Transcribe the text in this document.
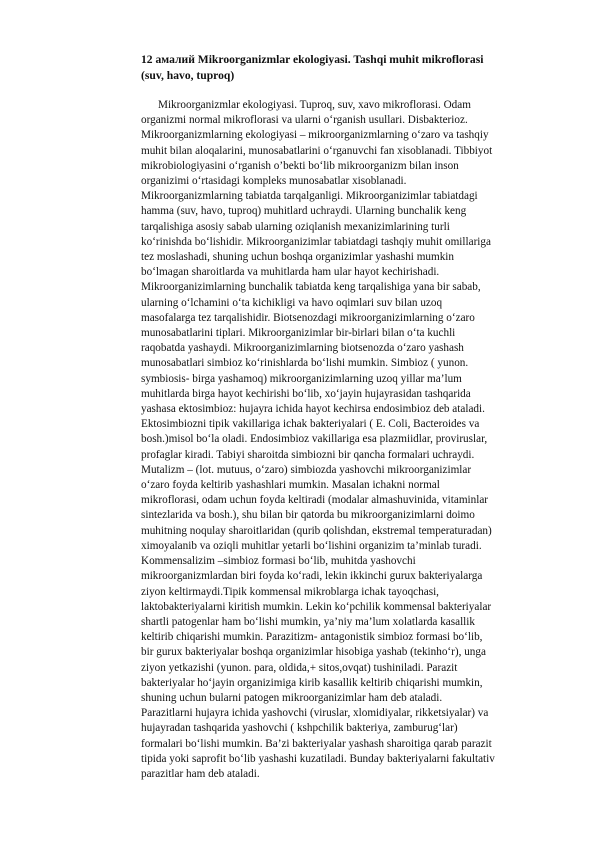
12 амалий Mikroorganizmlar ekologiyasi. Tashqi muhit mikroflorasi
(suv, havo, tuproq)
Mikroorganizmlar ekologiyasi. Tuproq, suv, xavo mikroflorasi. Odam
organizmi normal mikroflorasi va ularni o‘rganish usullari. Disbakterioz.
Mikroorganizmlarning ekologiyasi – mikroorganizmlarning o‘zaro va tashqiy
muhit bilan aloqalarini, munosabatlarini o‘rganuvchi fan xisoblanadi. Tibbiyot
mikrobiologiyasini o‘rganish o’bekti bo‘lib mikroorganizm bilan inson
organizimi o‘rtasidagi kompleks munosabatlar xisoblanadi.
Mikroorganizmlarning tabiatda tarqalganligi. Mikroorganizimlar tabiatdagi
hamma (suv, havo, tuproq) muhitlard uchraydi. Ularning bunchalik keng
tarqalishiga asosiy sabab ularning oziqlanish mexanizimlarining turli
ko‘rinishda bo‘lishidir. Mikroorganizimlar tabiatdagi tashqiy muhit omillariga
tez moslashadi, shuning uchun boshqa organizimlar yashashi mumkin
bo‘lmagan sharoitlarda va muhitlarda ham ular hayot kechirishadi.
Mikroorganizimlarning bunchalik tabiatda keng tarqalishiga yana bir sabab,
ularning o‘lchamini o‘ta kichikligi va havo oqimlari suv bilan uzoq
masofalarga tez tarqalishidir. Biotsenozdagi mikroorganizimlarning o‘zaro
munosabatlarini tiplari. Mikroorganizimlar bir-birlari bilan o‘ta kuchli
raqobatda yashaydi. Mikroorganizimlarning biotsenozda o‘zaro yashash
munosabatlari simbioz ko‘rinishlarda bo‘lishi mumkin. Simbioz ( yunon.
symbiosis- birga yashamoq) mikroorganizimlarning uzoq yillar ma’lum
muhitlarda birga hayot kechirishi bo‘lib, xo‘jayin hujayrasidan tashqarida
yashasa ektosimbioz: hujayra ichida hayot kechirsa endosimbioz deb ataladi.
Ektosimbiozni tipik vakillariga ichak bakteriyalari ( E. Coli, Bacteroides va
bosh.)misol bo‘la oladi. Endosimbioz vakillariga esa plazmiidlar, proviruslar,
profaglar kiradi. Tabiyi sharoitda simbiozni bir qancha formalari uchraydi.
Mutalizm – (lot. mutuus, o‘zaro) simbiozda yashovchi mikroorganizimlar
o‘zaro foyda keltirib yashashlari mumkin. Masalan ichakni normal
mikroflorasi, odam uchun foyda keltiradi (modalar almashuvinida, vitaminlar
sintezlarida va bosh.), shu bilan bir qatorda bu mikroorganizimlarni doimo
muhitning noqulay sharoitlaridan (qurib qolishdan, ekstremal temperaturadan)
ximoyalanib va oziqli muhitlar yetarli bo‘lishini organizim ta’minlab turadi.
Kommensalizim –simbioz formasi bo‘lib, muhitda yashovchi
mikroorganizmlardan biri foyda ko‘radi, lekin ikkinchi gurux bakteriyalarga
ziyon keltirmaydi.Tipik kommensal mikroblarga ichak tayoqchasi,
laktobakteriyalarni kiritish mumkin. Lekin ko‘pchilik kommensal bakteriyalar
shartli patogenlar ham bo‘lishi mumkin, ya’niy ma’lum xolatlarda kasallik
keltirib chiqarishi mumkin. Parazitizm- antagonistik simbioz formasi bo‘lib,
bir gurux bakteriyalar boshqa organizimlar hisobiga yashab (tekinho‘r), unga
ziyon yetkazishi (yunon. para, oldida,+ sitos,ovqat) tushiniladi. Parazit
bakteriyalar ho‘jayin organizimiga kirib kasallik keltirib chiqarishi mumkin,
shuning uchun bularni patogen mikroorganizimlar ham deb ataladi.
Parazitlarni hujayra ichida yashovchi (viruslar, xlomidiyalar, rikketsiyalar) va
hujayradan tashqarida yashovchi ( kshpchilik bakteriya, zamburug‘lar)
formalari bo‘lishi mumkin. Ba’zi bakteriyalar yashash sharoitiga qarab parazit
tipida yoki saprofit bo‘lib yashashi kuzatiladi. Bunday bakteriyalarni fakultativ
parazitlar ham deb ataladi.
